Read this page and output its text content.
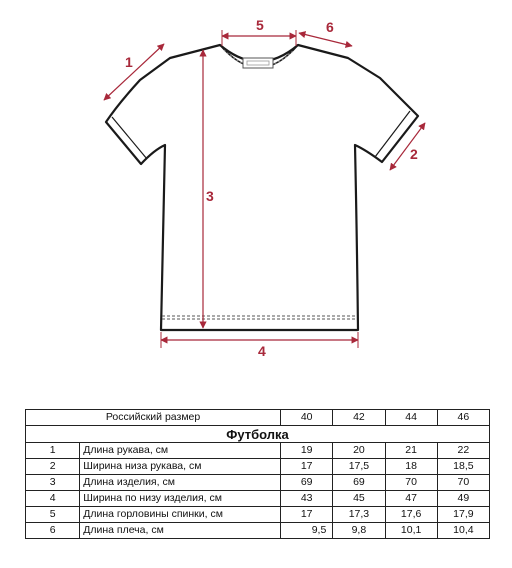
1
2
3
4
5	6
Российский размер		40	42	44	46
Футболка					
1	Длина рукава, см	19	20	21	22
2	Ширина низа рукава, см	17	17,5	18	18,5
3	Длина изделия, см	69	69	70	70
4	Ширина по низу изделия, см	43	45	47	49
5	Длина горловины спинки, см	17	17,3	17,6	17,9
6	Длина плеча, см	9,5	9,8	10,1	10,4
